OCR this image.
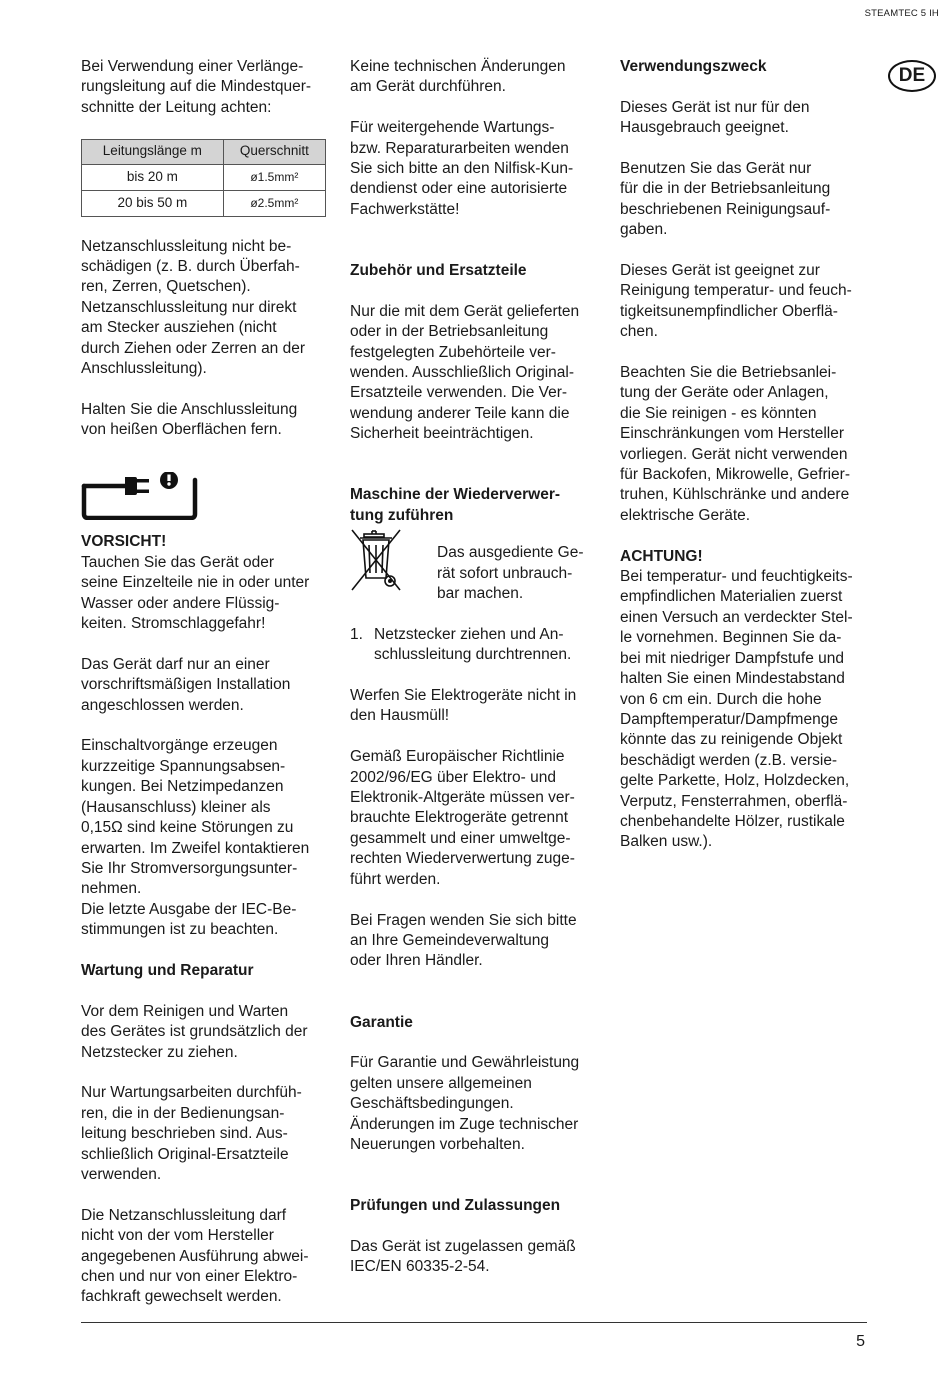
STEAMTEC 5 IH
DE

Bei Verwendung einer Verlänge-
rungsleitung auf die Mindestquer-
schnitte der Leitung achten:

Leitungslänge m	Querschnitt
bis 20 m	ø1.5mm²
20 bis 50 m	ø2.5mm²

Netzanschlussleitung nicht be-
schädigen (z. B. durch Überfah-
ren, Zerren, Quetschen).
Netzanschlussleitung nur direkt
am Stecker ausziehen (nicht
durch Ziehen oder Zerren an der
Anschlussleitung).

Halten Sie die Anschlussleitung
von heißen Oberflächen fern.

VORSICHT!

Tauchen Sie das Gerät oder
seine Einzelteile nie in oder unter
Wasser oder andere Flüssig-
keiten. Stromschlaggefahr!

Das Gerät darf nur an einer
vorschriftsmäßigen Installation
angeschlossen werden.

Einschaltvorgänge erzeugen
kurzzeitige Spannungsabsen-
kungen. Bei Netzimpedanzen
(Hausanschluss) kleiner als
0,15Ω sind keine Störungen zu
erwarten. Im Zweifel kontaktieren
Sie Ihr Stromversorgungsunter-
nehmen.
Die letzte Ausgabe der IEC-Be-
stimmungen ist zu beachten.

Wartung und Reparatur

Vor dem Reinigen und Warten
des Gerätes ist grundsätzlich der
Netzstecker zu ziehen.

Nur Wartungsarbeiten durchfüh-
ren, die in der Bedienungsan-
leitung beschrieben sind. Aus-
schließlich Original-Ersatzteile
verwenden.

Die Netzanschlussleitung darf
nicht von der vom Hersteller
angegebenen Ausführung abwei-
chen und nur von einer Elektro-
fachkraft gewechselt werden.

Keine technischen Änderungen
am Gerät durchführen.

Für weitergehende Wartungs-
bzw. Reparaturarbeiten wenden
Sie sich bitte an den Nilfisk-Kun-
dendienst oder eine autorisierte
Fachwerkstätte!

Zubehör und Ersatzteile

Nur die mit dem Gerät gelieferten
oder in der Betriebsanleitung
festgelegten Zubehörteile ver-
wenden. Ausschließlich Original-
Ersatzteile verwenden. Die Ver-
wendung anderer Teile kann die
Sicherheit beeinträchtigen.

Maschine der Wiederverwer-
tung zuführen
Das ausgediente Ge-
rät sofort unbrauch-
bar machen.
1. Netzstecker ziehen und An-
schlussleitung durchtrennen.

Werfen Sie Elektrogeräte nicht in
den Hausmüll!

Gemäß Europäischer Richtlinie
2002/96/EG über Elektro- und
Elektronik-Altgeräte müssen ver-
brauchte Elektrogeräte getrennt
gesammelt und einer umweltge-
rechten Wiederverwertung zuge-
führt werden.

Bei Fragen wenden Sie sich bitte
an Ihre Gemeindeverwaltung
oder Ihren Händler.

Garantie

Für Garantie und Gewährleistung
gelten unsere allgemeinen
Geschäftsbedingungen.
Änderungen im Zuge technischer
Neuerungen vorbehalten.

Prüfungen und Zulassungen

Das Gerät ist zugelassen gemäß
IEC/EN 60335-2-54.

Verwendungszweck

Dieses Gerät ist nur für den
Hausgebrauch geeignet.

Benutzen Sie das Gerät nur
für die in der Betriebsanleitung
beschriebenen Reinigungsauf-
gaben.

Dieses Gerät ist geeignet zur
Reinigung temperatur- und feuch-
tigkeitsunempfindlicher Oberflä-
chen.

Beachten Sie die Betriebsanlei-
tung der Geräte oder Anlagen,
die Sie reinigen - es könnten
Einschränkungen vom Hersteller
vorliegen. Gerät nicht verwenden
für Backofen, Mikrowelle, Gefrier-
truhen, Kühlschränke und andere
elektrische Geräte.

ACHTUNG!

Bei temperatur- und feuchtigkeits-
empfindlichen Materialien zuerst
einen Versuch an verdeckter Stel-
le vornehmen. Beginnen Sie da-
bei mit niedriger Dampfstufe und
halten Sie einen Mindestabstand
von 6 cm ein. Durch die hohe
Dampftemperatur/Dampfmenge
könnte das zu reinigende Objekt
beschädigt werden (z.B. versie-
gelte Parkette, Holz, Holzdecken,
Verputz, Fensterrahmen, oberflä-
chenbehandelte Hölzer, rustikale
Balken usw.).

5
